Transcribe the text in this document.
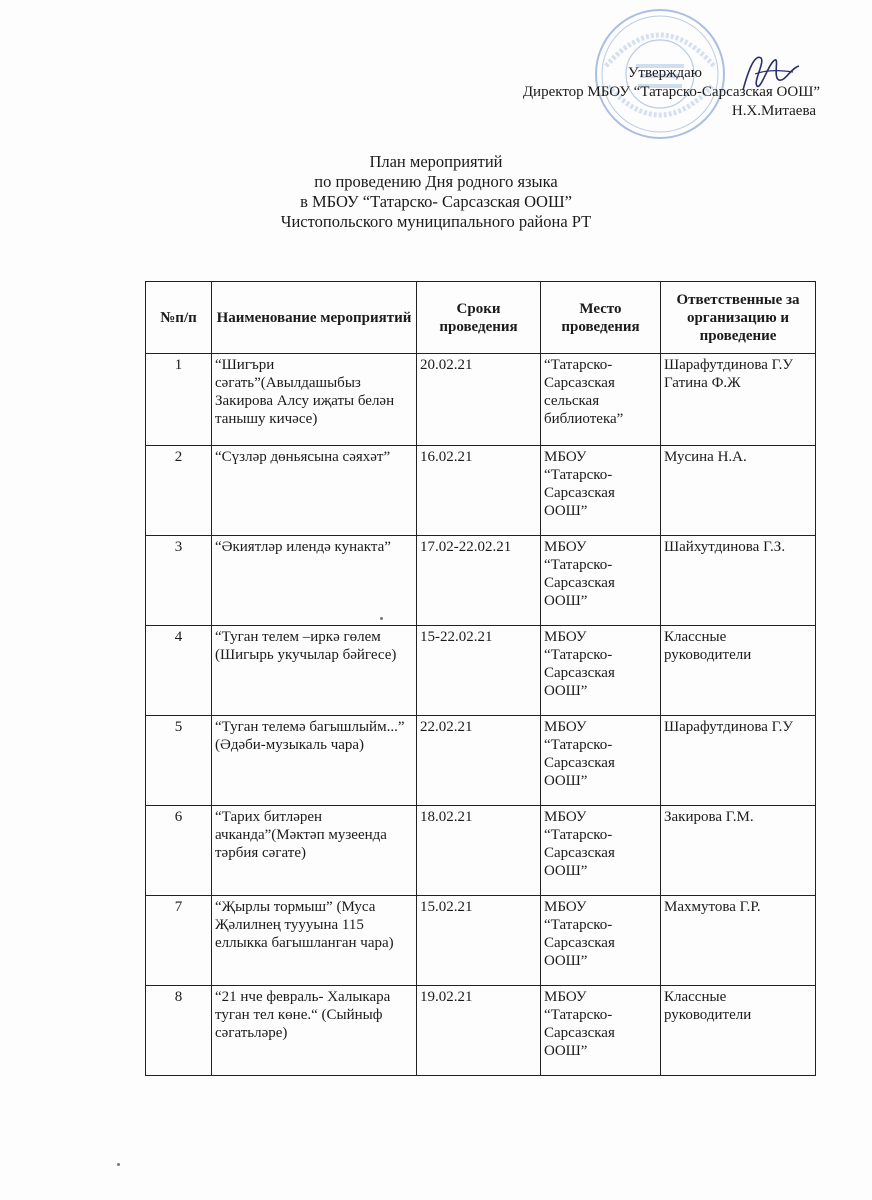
Утверждаю
Директор МБОУ “Татарско-Сарсазская ООШ”
Н.Х.Митаева
План мероприятий
по проведению Дня родного языка
в МБОУ “Татарско- Сарсазская ООШ”
Чистопольского муниципального района РТ
№п/п	Наименование мероприятий	Сроки проведения	Место проведения	Ответственные за организацию и проведение
1	“Шигъри сәгать”(Авылдашыбыз Закирова Алсу иҗаты белән танышу кичәсе)	20.02.21	“Татарско-Сарсазская сельская библиотека”	Шарафутдинова Г.У Гатина Ф.Ж
2	“Сүзләр дөньясына сәяхәт”	16.02.21	МБОУ “Татарско-Сарсазская ООШ”	Мусина Н.А.
3	“Әкиятләр илендә кунакта”	17.02-22.02.21	МБОУ “Татарско-Сарсазская ООШ”	Шайхутдинова Г.З.
4	“Туган телем –иркә гөлем (Шигырь укучылар бәйгесе)	15-22.02.21	МБОУ “Татарско-Сарсазская ООШ”	Классные руководители
5	“Туган телемә багышлыйм...” (Әдәби-музыкаль чара)	22.02.21	МБОУ “Татарско-Сарсазская ООШ”	Шарафутдинова Г.У
6	“Тарих битләрен ачканда”(Мәктәп музеенда тәрбия сәгате)	18.02.21	МБОУ “Татарско-Сарсазская ООШ”	Закирова Г.М.
7	“Җырлы тормыш” (Муса Җәлилнең туууына 115 еллыкка багышланган чара)	15.02.21	МБОУ “Татарско-Сарсазская ООШ”	Махмутова Г.Р.
8	“21 нче февраль- Халыкара туган тел көне.“ (Сыйныф сәгатьләре)	19.02.21	МБОУ “Татарско-Сарсазская ООШ”	Классные руководители
